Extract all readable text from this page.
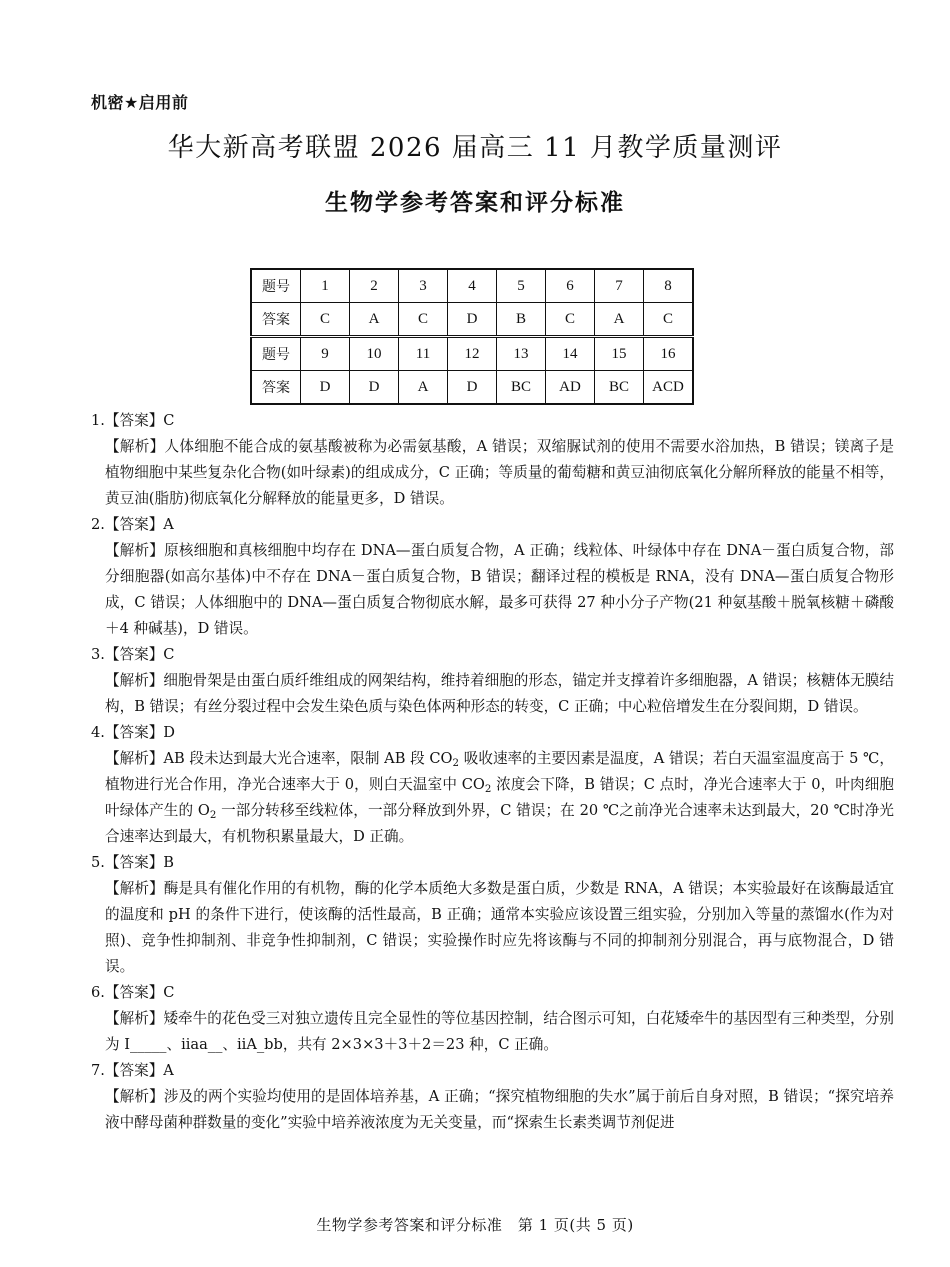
机密★启用前
华大新高考联盟 2026 届高三 11 月教学质量测评
生物学参考答案和评分标准
题号	1	2	3	4	5	6	7	8
答案	C	A	C	D	B	C	A	C
题号	9	10	11	12	13	14	15	16
答案	D	D	A	D	BC	AD	BC	ACD

1.【答案】C

【解析】人体细胞不能合成的氨基酸被称为必需氨基酸，A 错误；双缩脲试剂的使用不需要水浴加热，B 错误；镁离子是植物细胞中某些复杂化合物(如叶绿素)的组成成分，C 正确；等质量的葡萄糖和黄豆油彻底氧化分解所释放的能量不相等，黄豆油(脂肪)彻底氧化分解释放的能量更多，D 错误。

2.【答案】A

【解析】原核细胞和真核细胞中均存在 DNA—蛋白质复合物，A 正确；线粒体、叶绿体中存在 DNA－蛋白质复合物，部分细胞器(如高尔基体)中不存在 DNA－蛋白质复合物，B 错误；翻译过程的模板是 RNA，没有 DNA—蛋白质复合物形成，C 错误；人体细胞中的 DNA—蛋白质复合物彻底水解，最多可获得 27 种小分子产物(21 种氨基酸＋脱氧核糖＋磷酸＋4 种碱基)，D 错误。

3.【答案】C

【解析】细胞骨架是由蛋白质纤维组成的网架结构，维持着细胞的形态，锚定并支撑着许多细胞器，A 错误；核糖体无膜结构，B 错误；有丝分裂过程中会发生染色质与染色体两种形态的转变，C 正确；中心粒倍增发生在分裂间期，D 错误。

4.【答案】D

【解析】AB 段未达到最大光合速率，限制 AB 段 $CO_2$ 吸收速率的主要因素是温度，A 错误；若白天温室温度高于 5 ℃，植物进行光合作用，净光合速率大于 0，则白天温室中 $CO_2$ 浓度会下降，B 错误；C 点时，净光合速率大于 0，叶肉细胞叶绿体产生的 $O_2$ 一部分转移至线粒体，一部分释放到外界，C 错误；在 20 ℃之前净光合速率未达到最大，20 ℃时净光合速率达到最大，有机物积累量最大，D 正确。

5.【答案】B

【解析】酶是具有催化作用的有机物，酶的化学本质绝大多数是蛋白质，少数是 RNA，A 错误；本实验最好在该酶最适宜的温度和 pH 的条件下进行，使该酶的活性最高，B 正确；通常本实验应该设置三组实验，分别加入等量的蒸馏水(作为对照)、竞争性抑制剂、非竞争性抑制剂，C 错误；实验操作时应先将该酶与不同的抑制剂分别混合，再与底物混合，D 错误。

6.【答案】C

【解析】矮牵牛的花色受三对独立遗传且完全显性的等位基因控制，结合图示可知，白花矮牵牛的基因型有三种类型，分别为 I_____、iiaa__、iiA_bb，共有 2×3×3＋3＋2＝23 种，C 正确。

7.【答案】A

【解析】涉及的两个实验均使用的是固体培养基，A 正确；“探究植物细胞的失水”属于前后自身对照，B 错误；“探究培养液中酵母菌种群数量的变化”实验中培养液浓度为无关变量，而“探索生长素类调节剂促进

生物学参考答案和评分标准　第 1 页(共 5 页)
